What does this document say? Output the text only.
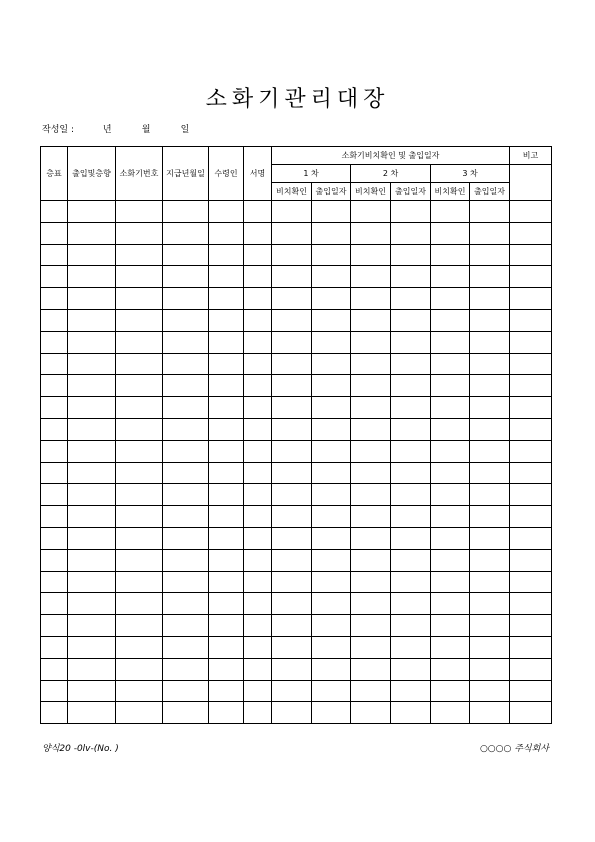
소화기관리대장
작성일 :	년	월	일
층표	출입및층향	소화기번호	지급년월일	수령인	서명	소화기비치확인 및 출입일자						비고
						1 차		2 차		3 차		
						비치확인	출입일자	비치확인	출입일자	비치확인	출입일자	

양식20 -0lv-(No. )	○○○○ 주식회사
